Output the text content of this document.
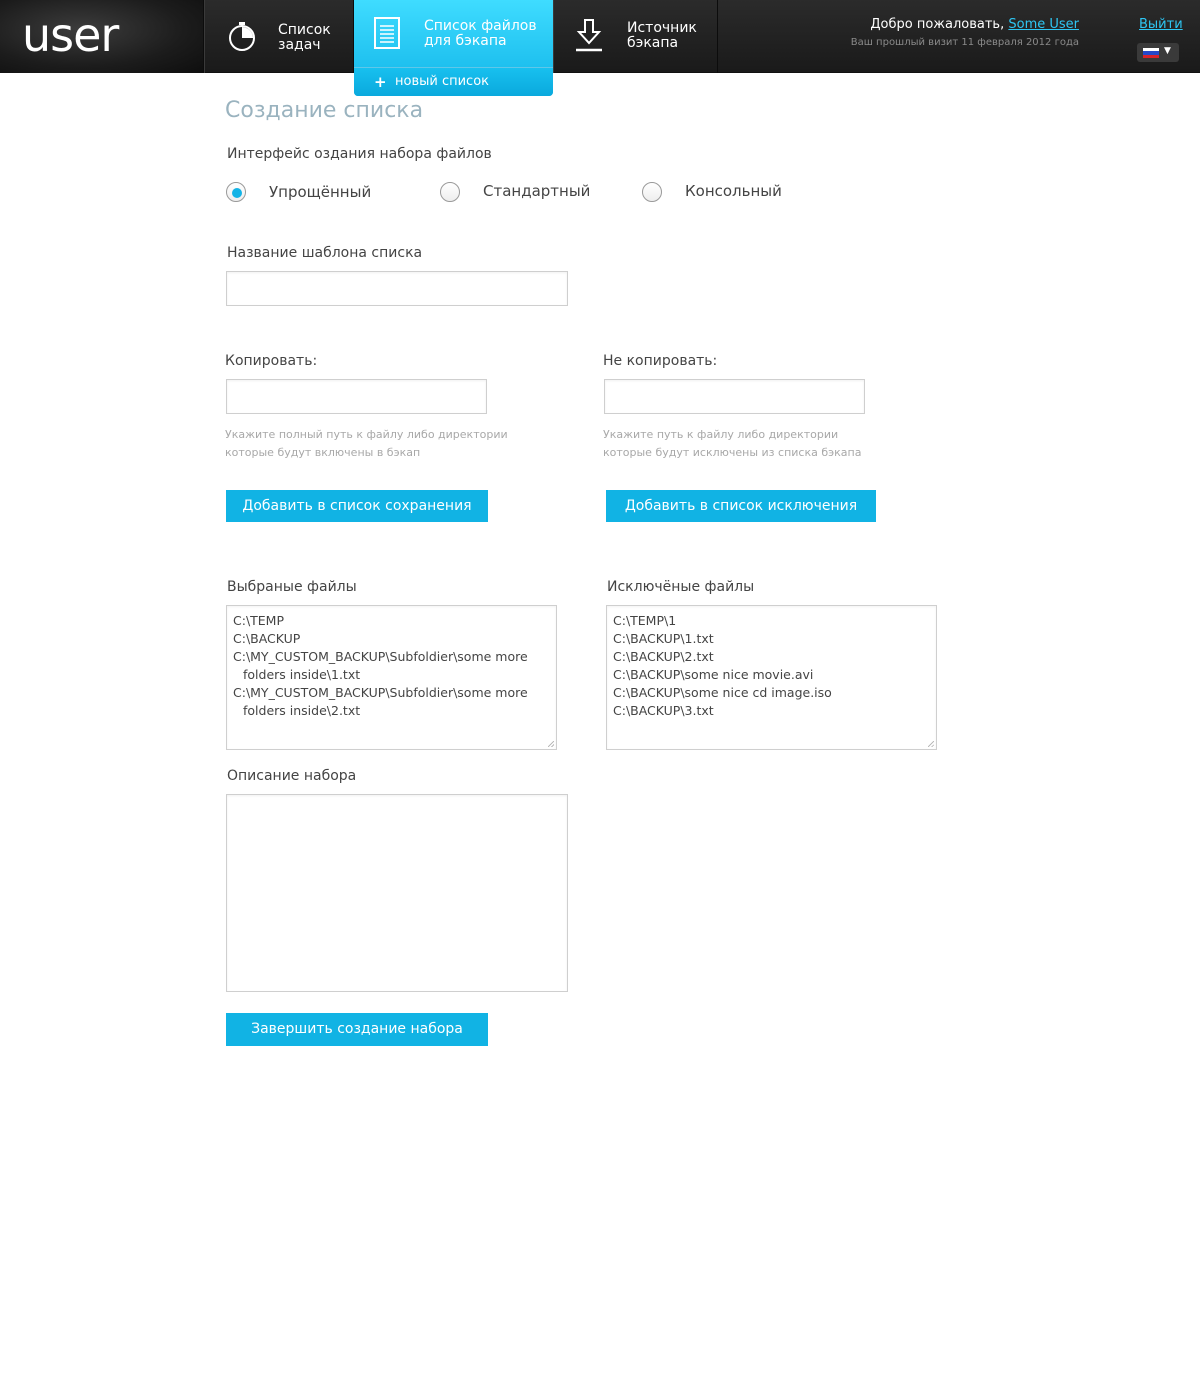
user	Список
задач
Список файлов
для бэкапа
+ новый список
Источник
бэкапа
Добро пожаловать, Some User
Ваш прошлый визит 11 февраля 2012 года
Выйти
▼
Создание списка
Интерфейс оздания набора файлов
Упрощённый	Стандартный	Консольный
Название шаблона списка
Копировать:
Укажите полный путь к файлу либо директории
которые будут включены в бэкап
Не копировать:
Укажите путь к файлу либо директории
которые будут исключены из списка бэкапа
Добавить в список сохранения	Добавить в список исключения
Выбраные файлы
C:\TEMP
C:\BACKUP
C:\MY_CUSTOM_BACKUP\Subfoldier\some more folders inside\1.txt
C:\MY_CUSTOM_BACKUP\Subfoldier\some more folders inside\2.txt
Исключёные файлы
C:\TEMP\1
C:\BACKUP\1.txt
C:\BACKUP\2.txt
C:\BACKUP\some nice movie.avi
C:\BACKUP\some nice cd image.iso
C:\BACKUP\3.txt
Описание набора
Завершить создание набора
